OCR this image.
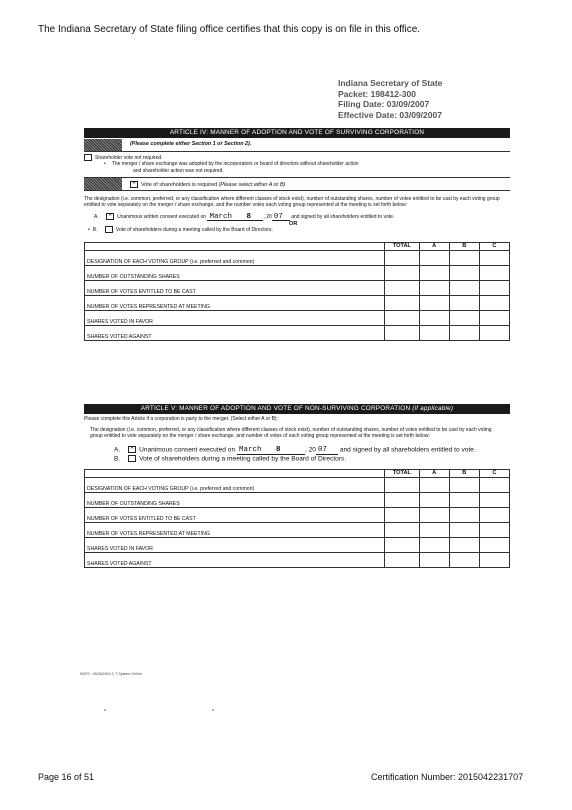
The Indiana Secretary of State filing office certifies that this copy is on file in this office.
Indiana Secretary of State
Packet: 198412-300
Filing Date: 03/09/2007
Effective Date: 03/09/2007
ARTICLE IV: MANNER OF ADOPTION AND VOTE OF SURVIVING CORPORATION
(Please complete either Section 1 or Section 2).
Shareholder vote not required.
• The merger / share exchange was adopted by the incorporators or board of directors without shareholder action
and shareholder action was not required.
✕Vote of shareholders is required (Please select either A or B)
The designation (i.e. common, preferred, or any classification where different classes of stock exist), number of outstanding shares, number of votes entitled to be cast by each voting group entitled to vote separately on the merger / share exchange, and the number votes each voting group represented at the meeting is set forth below:
A. ✕	Unanimous written consent executed on March 8 , 20 07 and signed by all shareholders entitled to vote.
OR
• B.	Vote of shareholders during a meeting called by the Board of Directors.
	TOTAL	A	B	C
DESIGNATION OF EACH VOTING GROUP (i.e. preferred and common)				
NUMBER OF OUTSTANDING SHARES				
NUMBER OF VOTES ENTITLED TO BE CAST				
NUMBER OF VOTES REPRESENTED AT MEETING				
SHARES VOTED IN FAVOR				
SHARES VOTED AGAINST				
ARTICLE V: MANNER OF ADOPTION AND VOTE OF NON-SURVIVING CORPORATION (if applicable)
Please complete this Article if a corporation is party to the merger. (Select either A or B):
The designation (i.e. common, preferred, or any classification where different classes of stock exist), number of outstanding shares, number of votes entitled to be cast by each voting group entitled to vote separately on the merger / share exchange, and number of votes of each voting group represented at the meeting is set forth below:
A. ✕	Unanimous consent executed on March 8	, 20 07 and signed by all shareholders entitled to vote.
B.	Vote of shareholders during a meeting called by the Board of Directors.
	TOTAL	A	B	C
DESIGNATION OF EACH VOTING GROUP (i.e. preferred and common)				
NUMBER OF OUTSTANDING SHARES				
NUMBER OF VOTES ENTITLED TO BE CAST				
NUMBER OF VOTES REPRESENTED AT MEETING				
SHARES VOTED IN FAVOR				
SHARES VOTED AGAINST				
IN070 - 09/26/2004 C T System Online
Page 16 of 51	Certification Number: 2015042231707
